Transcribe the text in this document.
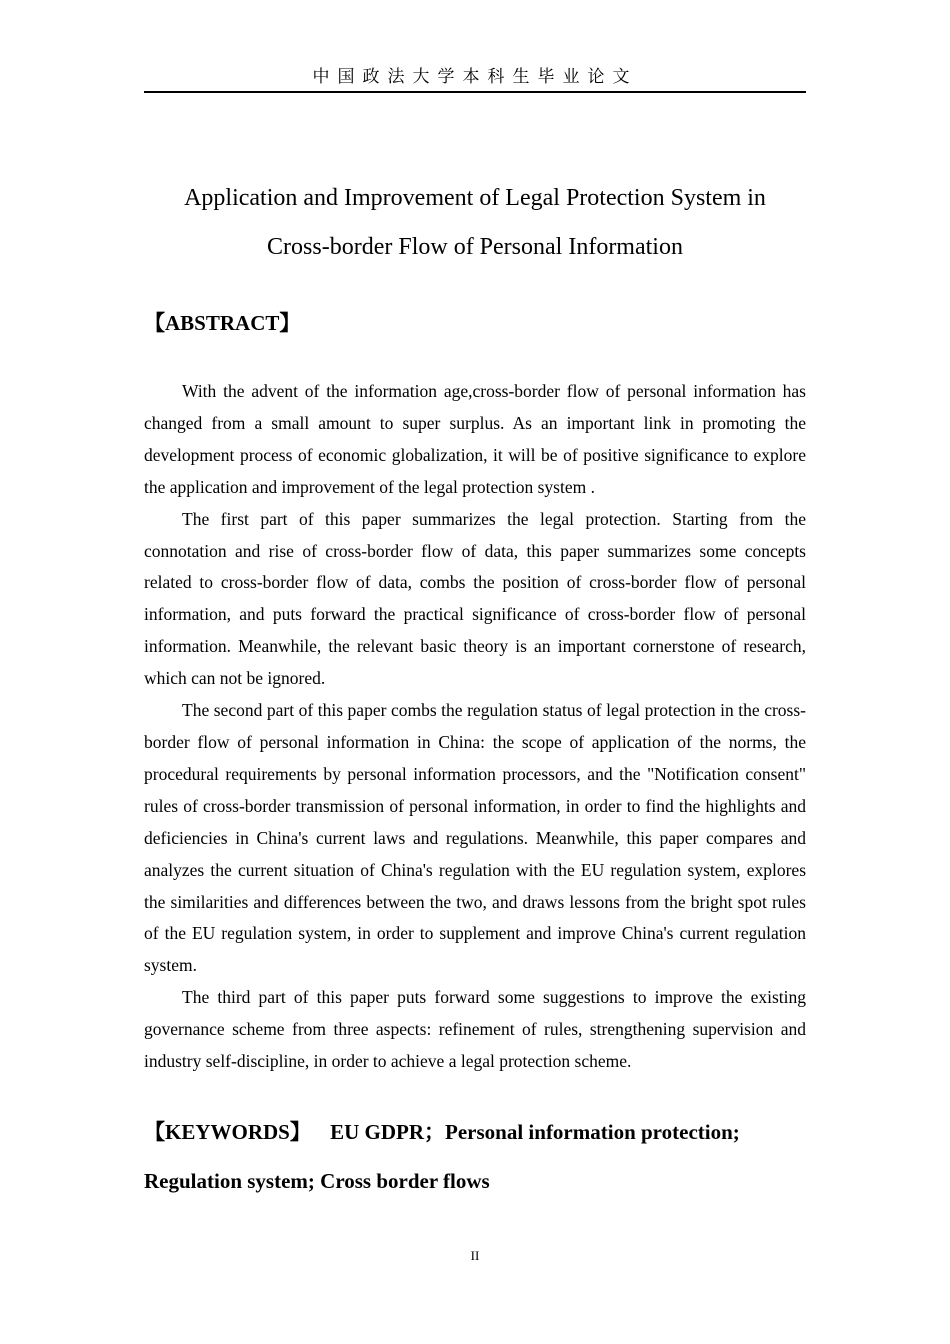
中国政法大学本科生毕业论文
Application and Improvement of Legal Protection System in
Cross-border Flow of Personal Information
【ABSTRACT】

With the advent of the information age,cross-border flow of personal information has changed from a small amount to super surplus. As an important link in promoting the development process of economic globalization, it will be of positive significance to explore the application and improvement of the legal protection system .

The first part of this paper summarizes the legal protection. Starting from the connotation and rise of cross-border flow of data, this paper summarizes some concepts related to cross-border flow of data, combs the position of cross-border flow of personal information, and puts forward the practical significance of cross-border flow of personal information. Meanwhile, the relevant basic theory is an important cornerstone of research, which can not be ignored.

The second part of this paper combs the regulation status of legal protection in the cross-border flow of personal information in China: the scope of application of the norms, the procedural requirements by personal information processors, and the "Notification consent" rules of cross-border transmission of personal information, in order to find the highlights and deficiencies in China's current laws and regulations. Meanwhile, this paper compares and analyzes the current situation of China's regulation with the EU regulation system, explores the similarities and differences between the two, and draws lessons from the bright spot rules of the EU regulation system, in order to supplement and improve China's current regulation system.

The third part of this paper puts forward some suggestions to improve the existing governance scheme from three aspects: refinement of rules, strengthening supervision and industry self-discipline, in order to achieve a legal protection scheme.

【KEYWORDS】 EU GDPR；Personal information protection; Regulation system; Cross border flows
II
